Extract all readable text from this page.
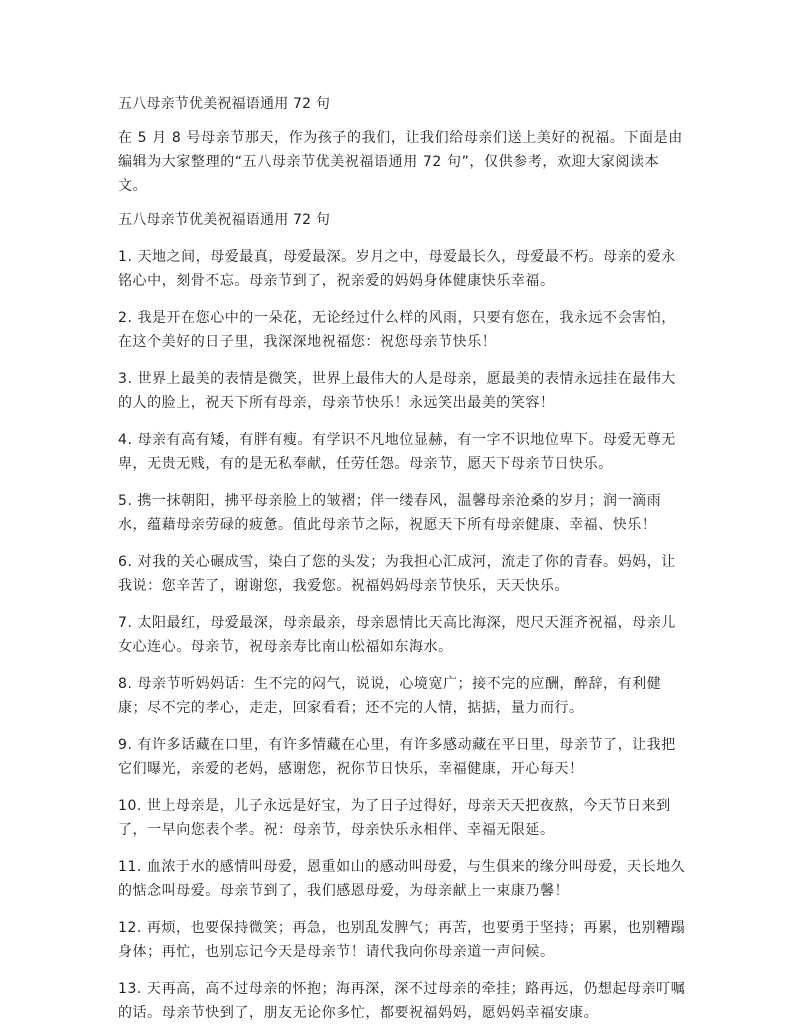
五八母亲节优美祝福语通用 72 句
在 5 月 8 号母亲节那天，作为孩子的我们，让我们给母亲们送上美好的祝福。下面是由编辑为大家整理的“五八母亲节优美祝福语通用 72 句”，仅供参考，欢迎大家阅读本文。
五八母亲节优美祝福语通用 72 句
1. 天地之间，母爱最真，母爱最深。岁月之中，母爱最长久，母爱最不朽。母亲的爱永铭心中，刻骨不忘。母亲节到了，祝亲爱的妈妈身体健康快乐幸福。
2. 我是开在您心中的一朵花，无论经过什么样的风雨，只要有您在，我永远不会害怕，在这个美好的日子里，我深深地祝福您：祝您母亲节快乐！
3. 世界上最美的表情是微笑，世界上最伟大的人是母亲，愿最美的表情永远挂在最伟大的人的脸上，祝天下所有母亲，母亲节快乐！永远笑出最美的笑容！
4. 母亲有高有矮，有胖有瘦。有学识不凡地位显赫，有一字不识地位卑下。母爱无尊无卑，无贵无贱，有的是无私奉献，任劳任怨。母亲节，愿天下母亲节日快乐。
5. 携一抹朝阳，拂平母亲脸上的皱褶；伴一缕春风，温馨母亲沧桑的岁月；润一滴雨水，蕴藉母亲劳碌的疲惫。值此母亲节之际，祝愿天下所有母亲健康、幸福、快乐！
6. 对我的关心碾成雪，染白了您的头发；为我担心汇成河，流走了你的青春。妈妈，让我说：您辛苦了，谢谢您，我爱您。祝福妈妈母亲节快乐，天天快乐。
7. 太阳最红，母爱最深，母亲最亲，母亲恩情比天高比海深，咫尺天涯齐祝福，母亲儿女心连心。母亲节，祝母亲寿比南山松福如东海水。
8. 母亲节听妈妈话：生不完的闷气，说说，心境宽广；接不完的应酬，醉辞，有利健康；尽不完的孝心，走走，回家看看；还不完的人情，掂掂，量力而行。
9. 有许多话藏在口里，有许多情藏在心里，有许多感动藏在平日里，母亲节了，让我把它们曝光，亲爱的老妈，感谢您，祝你节日快乐，幸福健康，开心每天！
10. 世上母亲是，儿子永远是好宝，为了日子过得好，母亲天天把夜熬，今天节日来到了，一早向您表个孝。祝：母亲节，母亲快乐永相伴、幸福无限延。
11. 血浓于水的感情叫母爱，恩重如山的感动叫母爱，与生俱来的缘分叫母爱，天长地久的惦念叫母爱。母亲节到了，我们感恩母爱，为母亲献上一束康乃馨！
12. 再烦，也要保持微笑；再急，也别乱发脾气；再苦，也要勇于坚持；再累，也别糟蹋身体；再忙，也别忘记今天是母亲节！请代我向你母亲道一声问候。
13. 天再高，高不过母亲的怀抱；海再深，深不过母亲的牵挂；路再远，仍想起母亲叮嘱的话。母亲节快到了，朋友无论你多忙，都要祝福妈妈，愿妈妈幸福安康。
